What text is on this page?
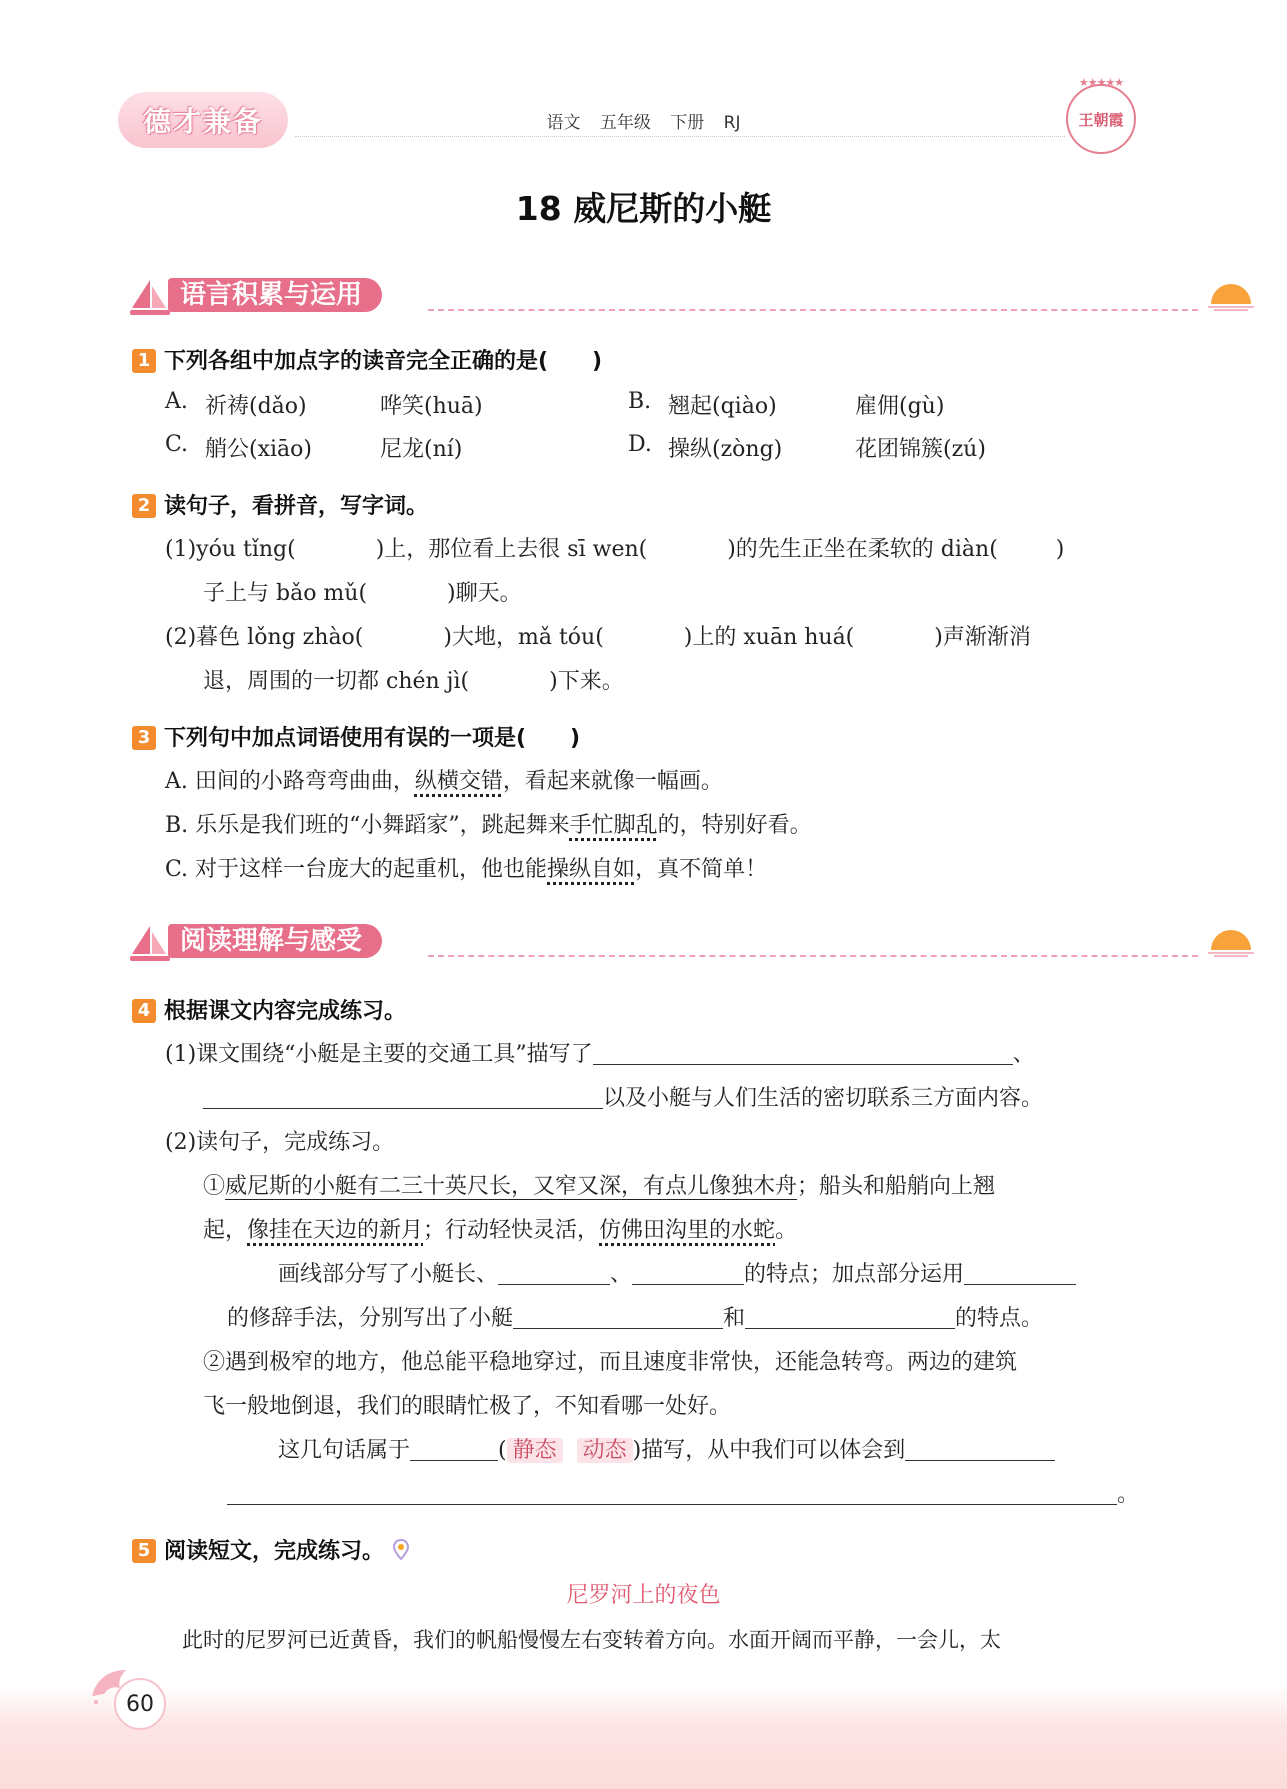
德才兼备	语文 五年级 下册 RJ
★★★★★
王朝霞
18 威尼斯的小艇
语言积累与运用
1 下列各组中加点字的读音完全正确的是(　　)
A. 祈祷(dǎo)	哗笑(huā)	B. 翘起(qiào)	雇佣(gù)
C. 艄公(xiāo)	尼龙(ní)	D. 操纵(zòng)	花团锦簇(zú)
2 读句子，看拼音，写字词。
(1)yóu tǐng(	)上，那位看上去很 sī wen(	)的先生正坐在柔软的 diàn(	)
子上与 bǎo mǔ(	)聊天。
(2)暮色 lǒng zhào(	)大地，mǎ tóu(	)上的 xuān huá(	)声渐渐消
退，周围的一切都 chén jì(	)下来。
3 下列句中加点词语使用有误的一项是(　　)
A. 田间的小路弯弯曲曲，纵横交错，看起来就像一幅画。
B. 乐乐是我们班的“小舞蹈家”，跳起舞来手忙脚乱的，特别好看。
C. 对于这样一台庞大的起重机，他也能操纵自如，真不简单！
阅读理解与感受
4 根据课文内容完成练习。
(1)课文围绕“小艇是主要的交通工具”描写了	、
以及小艇与人们生活的密切联系三方面内容。
(2)读句子，完成练习。
①威尼斯的小艇有二三十英尺长，又窄又深，有点儿像独木舟；船头和船艄向上翘
起，像挂在天边的新月；行动轻快灵活，仿佛田沟里的水蛇。
画线部分写了小艇长、	、	的特点；加点部分运用
的修辞手法，分别写出了小艇	和	的特点。
②遇到极窄的地方，他总能平稳地穿过，而且速度非常快，还能急转弯。两边的建筑
飞一般地倒退，我们的眼睛忙极了，不知看哪一处好。
这几句话属于	( 静态 动态 )描写，从中我们可以体会到
。
5 阅读短文，完成练习。
尼罗河上的夜色
此时的尼罗河已近黄昏，我们的帆船慢慢左右变转着方向。水面开阔而平静，一会儿，太
60
